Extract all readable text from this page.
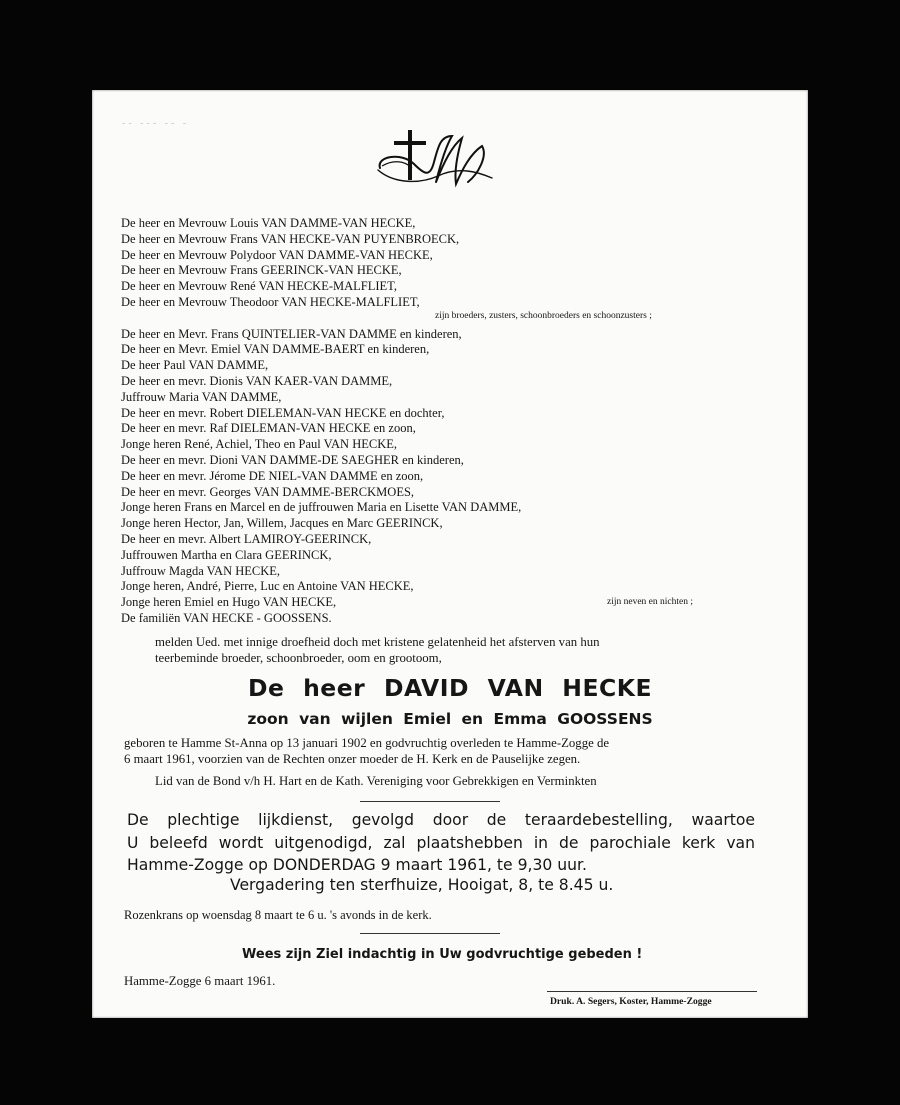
-- --- -- -
De heer en Mevrouw Louis VAN DAMME-VAN HECKE,
De heer en Mevrouw Frans VAN HECKE-VAN PUYENBROECK,
De heer en Mevrouw Polydoor VAN DAMME-VAN HECKE,
De heer en Mevrouw Frans GEERINCK-VAN HECKE,
De heer en Mevrouw René VAN HECKE-MALFLIET,
De heer en Mevrouw Theodoor VAN HECKE-MALFLIET,
De heer en Mevr. Frans QUINTELIER-VAN DAMME en kinderen,
De heer en Mevr. Emiel VAN DAMME-BAERT en kinderen,
De heer Paul VAN DAMME,
De heer en mevr. Dionis VAN KAER-VAN DAMME,
Juffrouw Maria VAN DAMME,
De heer en mevr. Robert DIELEMAN-VAN HECKE en dochter,
De heer en mevr. Raf DIELEMAN-VAN HECKE en zoon,
Jonge heren René, Achiel, Theo en Paul VAN HECKE,
De heer en mevr. Dioni VAN DAMME-DE SAEGHER en kinderen,
De heer en mevr. Jérome DE NIEL-VAN DAMME en zoon,
De heer en mevr. Georges VAN DAMME-BERCKMOES,
Jonge heren Frans en Marcel en de juffrouwen Maria en Lisette VAN DAMME,
Jonge heren Hector, Jan, Willem, Jacques en Marc GEERINCK,
De heer en mevr. Albert LAMIROY-GEERINCK,
Juffrouwen Martha en Clara GEERINCK,
Juffrouw Magda VAN HECKE,
Jonge heren, André, Pierre, Luc en Antoine VAN HECKE,
Jonge heren Emiel en Hugo VAN HECKE,
De familiën VAN HECKE - GOOSSENS.
zijn broeders, zusters, schoonbroeders en schoonzusters ;
zijn neven en nichten ;
melden Ued. met innige droefheid doch met kristene gelatenheid het afsterven van hun
teerbeminde broeder, schoonbroeder, oom en grootoom,
De heer DAVID VAN HECKE
zoon van wijlen Emiel en Emma GOOSSENS
geboren te Hamme St-Anna op 13 januari 1902 en godvruchtig overleden te Hamme-Zogge de
6 maart 1961, voorzien van de Rechten onzer moeder de H. Kerk en de Pauselijke zegen.
Lid van de Bond v/h H. Hart en de Kath. Vereniging voor Gebrekkigen en Verminkten
De plechtige lijkdienst, gevolgd door de teraardebestelling, waartoe
U beleefd wordt uitgenodigd, zal plaatshebben in de parochiale kerk van
Hamme-Zogge op DONDERDAG 9 maart 1961, te 9,30 uur.
Vergadering ten sterfhuize, Hooigat, 8, te 8.45 u.
Rozenkrans op woensdag 8 maart te 6 u. 's avonds in de kerk.
Wees zijn Ziel indachtig in Uw godvruchtige gebeden !
Hamme-Zogge 6 maart 1961.
Druk. A. Segers, Koster, Hamme-Zogge
